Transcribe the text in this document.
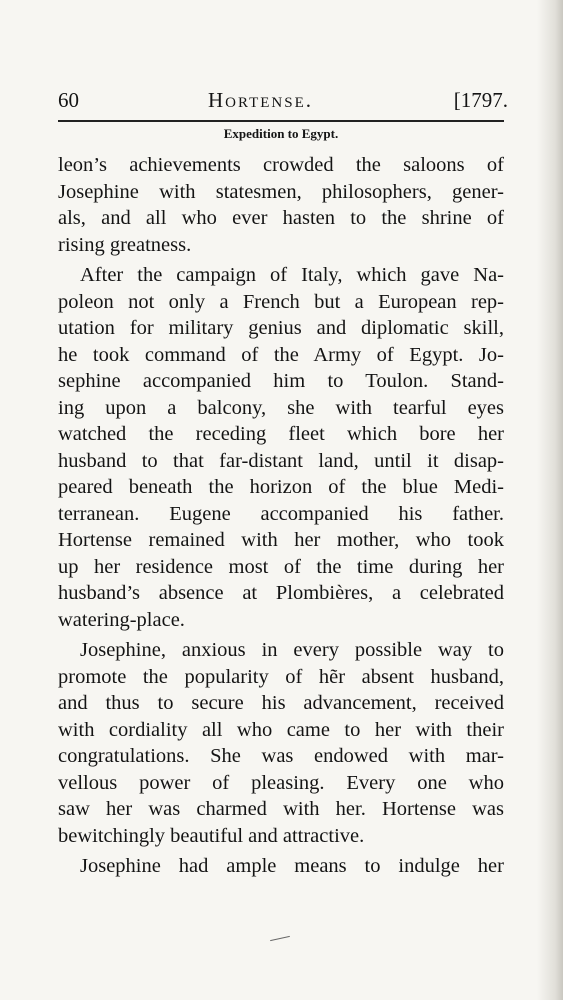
60	Hortense.	[1797.
Expedition to Egypt.
leon’s achievements crowded the saloons of
Josephine with statesmen, philosophers, gener-
als, and all who ever hasten to the shrine of
rising greatness.
After the campaign of Italy, which gave Na-
poleon not only a French but a European rep-
utation for military genius and diplomatic skill,
he took command of the Army of Egypt. Jo-
sephine accompanied him to Toulon. Stand-
ing upon a balcony, she with tearful eyes
watched the receding fleet which bore her
husband to that far-distant land, until it disap-
peared beneath the horizon of the blue Medi-
terranean. Eugene accompanied his father.
Hortense remained with her mother, who took
up her residence most of the time during her
husband’s absence at Plombières, a celebrated
watering-place.
Josephine, anxious in every possible way to
promote the popularity of hẽr absent husband,
and thus to secure his advancement, received
with cordiality all who came to her with their
congratulations. She was endowed with mar-
vellous power of pleasing. Every one who
saw her was charmed with her. Hortense was
bewitchingly beautiful and attractive.
Josephine had ample means to indulge her
